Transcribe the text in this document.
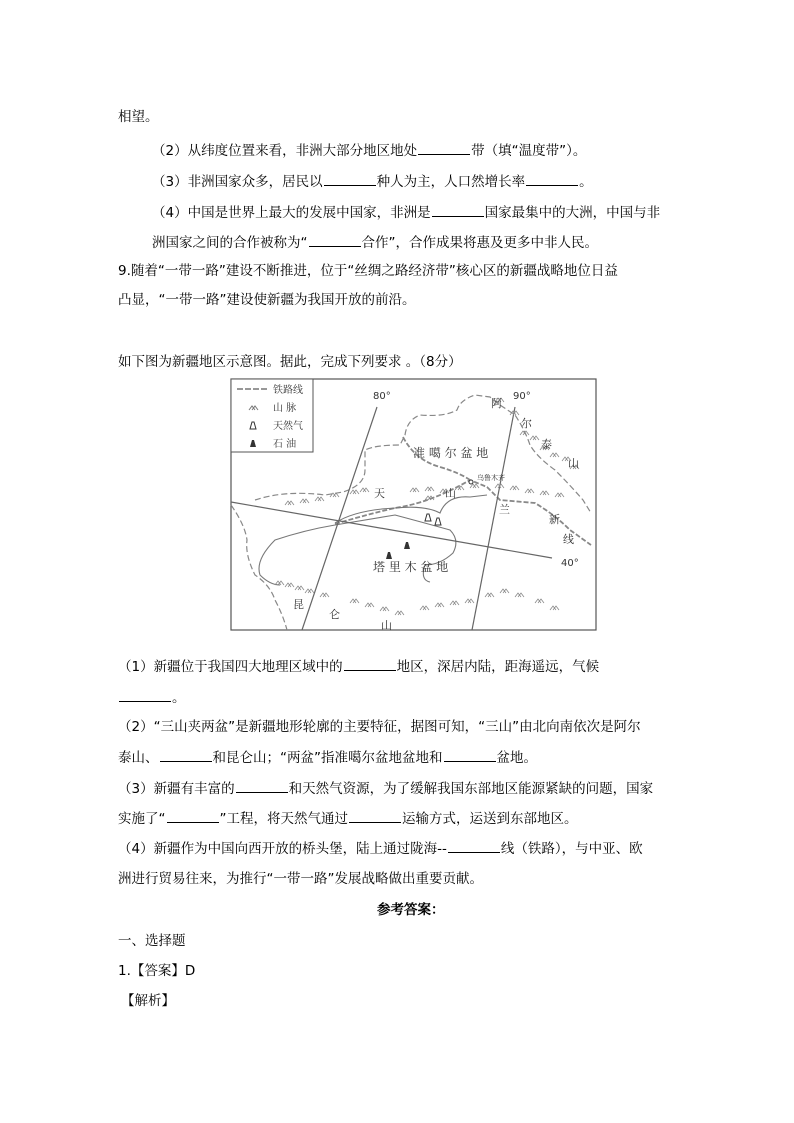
相望。
（2）从纬度位置来看，非洲大部分地区地处	带（填“温度带”）。
（3）非洲国家众多，居民以	种人为主，人口然增长率	。
（4）中国是世界上最大的发展中国家，非洲是	国家最集中的大洲，中国与非
洲国家之间的合作被称为“	合作”，合作成果将惠及更多中非人民。
9.随着“一带一路”建设不断推进，位于“丝绸之路经济带”核心区的新疆战略地位日益
凸显，“一带一路”建设使新疆为我国开放的前沿。
如下图为新疆地区示意图。据此，完成下列要求 。（8分）
（1）新疆位于我国四大地理区域中的	地区，深居内陆，距海遥远，气候
。
（2）“三山夹两盆”是新疆地形轮廓的主要特征，据图可知，“三山”由北向南依次是阿尔
泰山、	和昆仑山；“两盆”指准噶尔盆地盆地和	盆地。
（3）新疆有丰富的	和天然气资源，为了缓解我国东部地区能源紧缺的问题，国家
实施了“	”工程，将天然气通过	运输方式，运送到东部地区。
（4）新疆作为中国向西开放的桥头堡，陆上通过陇海--	线（铁路），与中亚、欧
洲进行贸易往来，为推行“一带一路”发展战略做出重要贡献。
参考答案：
一、选择题
1.【答案】D
【解析】
80°	90°
40°
铁路线
山 脉
天然气
石 油
准 噶 尔 盆 地
塔 里 木 盆 地
乌鲁木齐
天	山
兰
新
线
阿
尔
泰
山
昆
仑
山
